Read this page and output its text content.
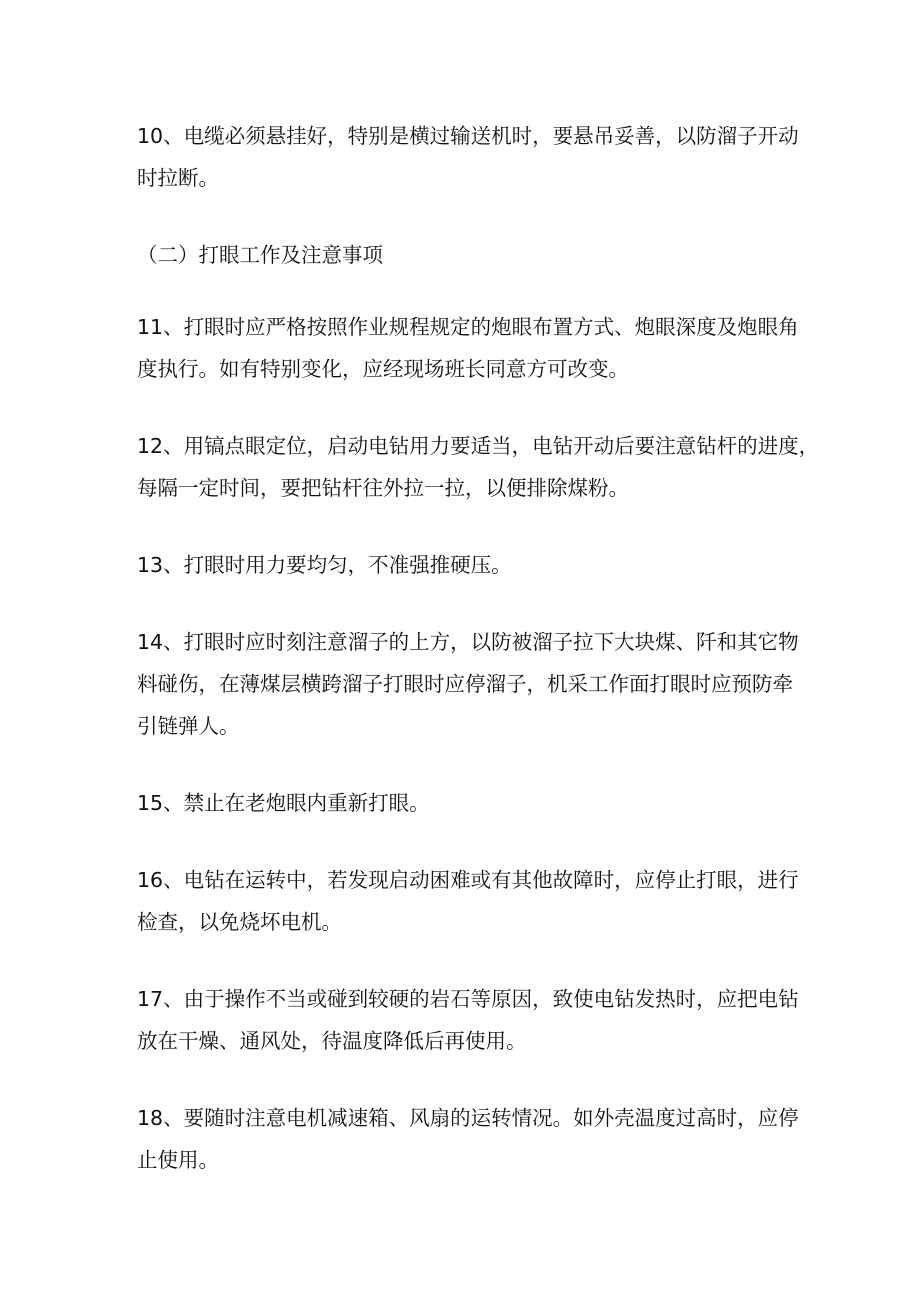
10、电缆必须悬挂好，特别是横过输送机时，要悬吊妥善，以防溜子开动

时拉断。

（二）打眼工作及注意事项

11、打眼时应严格按照作业规程规定的炮眼布置方式、炮眼深度及炮眼角

度执行。如有特别变化，应经现场班长同意方可改变。

12、用镐点眼定位，启动电钻用力要适当，电钻开动后要注意钻杆的进度，

每隔一定时间，要把钻杆往外拉一拉，以便排除煤粉。

13、打眼时用力要均匀，不准强推硬压。

14、打眼时应时刻注意溜子的上方，以防被溜子拉下大块煤、阡和其它物

料碰伤，在薄煤层横跨溜子打眼时应停溜子，机采工作面打眼时应预防牵

引链弹人。

15、禁止在老炮眼内重新打眼。

16、电钻在运转中，若发现启动困难或有其他故障时，应停止打眼，进行

检查，以免烧坏电机。

17、由于操作不当或碰到较硬的岩石等原因，致使电钻发热时，应把电钻

放在干燥、通风处，待温度降低后再使用。

18、要随时注意电机减速箱、风扇的运转情况。如外壳温度过高时，应停

止使用。
